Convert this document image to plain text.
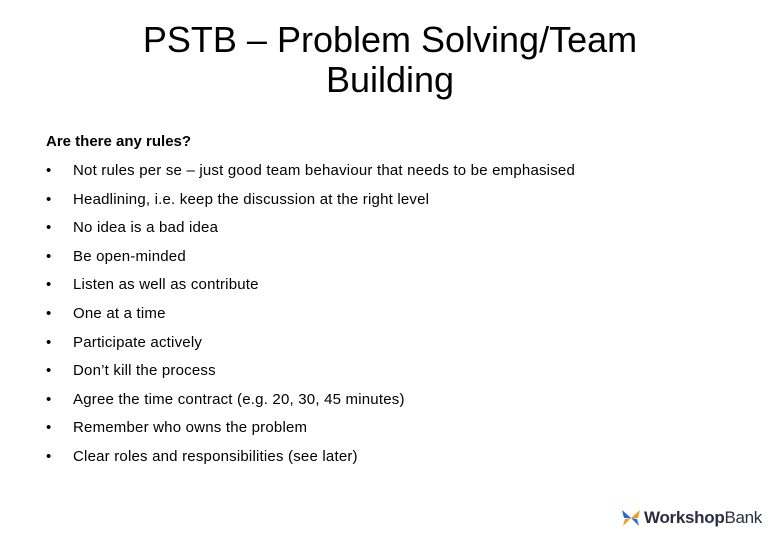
PSTB – Problem Solving/Team
Building

Are there any rules?

•	Not rules per se – just good team behaviour that needs to be emphasised
•	Headlining, i.e. keep the discussion at the right level
•	No idea is a bad idea
•	Be open-minded
•	Listen as well as contribute
•	One at a time
•	Participate actively
•	Don’t kill the process
•	Agree the time contract (e.g. 20, 30, 45 minutes)
•	Remember who owns the problem
•	Clear roles and responsibilities (see later)
WorkshopBank
